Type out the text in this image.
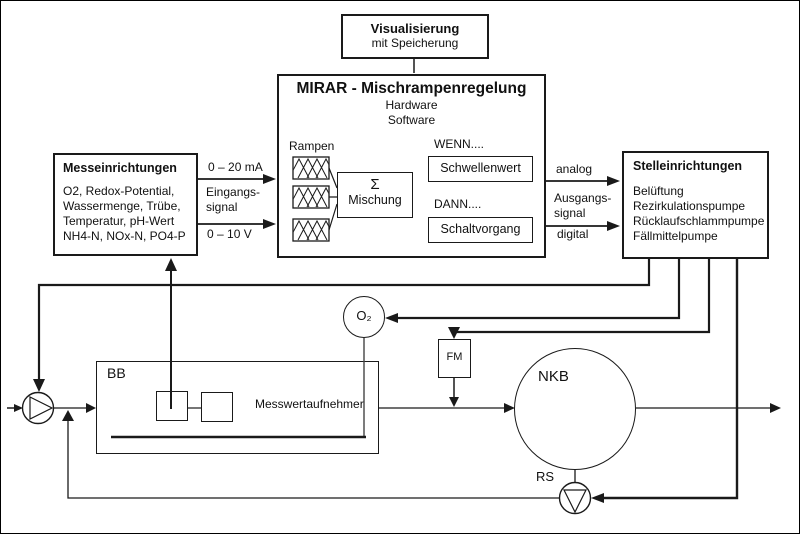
Visualisierung
mit Speicherung
MIRAR - Mischrampenregelung
Hardware
Software
Rampen
Σ
Mischung
WENN....
Schwellenwert
DANN....
Schaltvorgang
Messeinrichtungen
O2, Redox-Potential,
Wassermenge, Trübe,
Temperatur, pH-Wert
NH4-N, NOx-N, PO4-P
0 – 20 mA
Eingangs-
signal
0 – 10 V
analog
Ausgangs-
signal
digital
Stelleinrichtungen
Belüftung
Rezirkulationspumpe
Rücklaufschlammpumpe
Fällmittelpumpe
BB
Messwertaufnehmer
O₂
FM
NKB
RS
